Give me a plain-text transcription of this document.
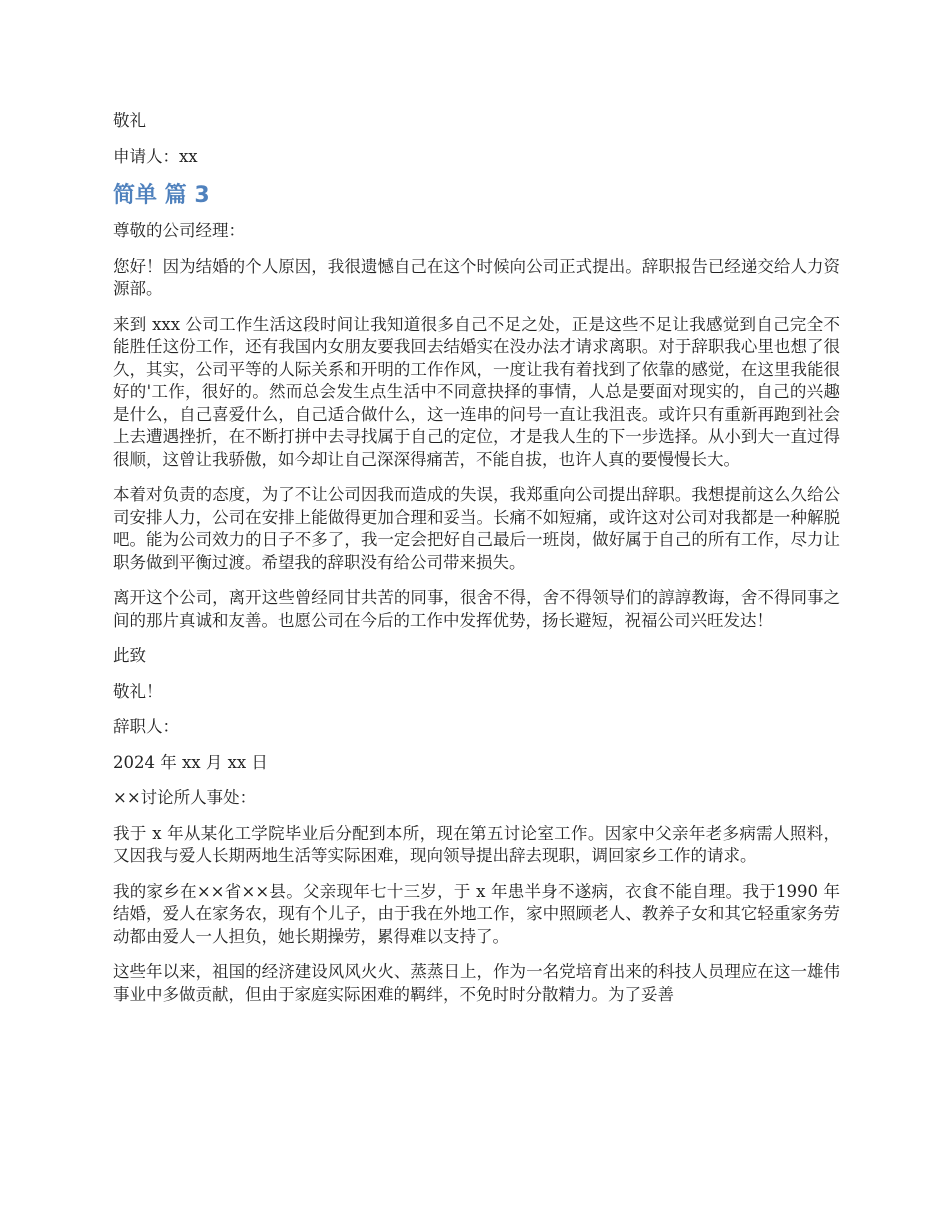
敬礼

申请人：xx

简单 篇 3

尊敬的公司经理：

您好！因为结婚的个人原因，我很遗憾自己在这个时候向公司正式提出。辞职报告已经递交给人力资源部。

来到 xxx 公司工作生活这段时间让我知道很多自己不足之处，正是这些不足让我感觉到自己完全不能胜任这份工作，还有我国内女朋友要我回去结婚实在没办法才请求离职。对于辞职我心里也想了很久，其实，公司平等的人际关系和开明的工作作风，一度让我有着找到了依靠的感觉，在这里我能很好的'工作，很好的。然而总会发生点生活中不同意抉择的事情，人总是要面对现实的，自己的兴趣是什么，自己喜爱什么，自己适合做什么，这一连串的问号一直让我沮丧。或许只有重新再跑到社会上去遭遇挫折，在不断打拼中去寻找属于自己的定位，才是我人生的下一步选择。从小到大一直过得很顺，这曾让我骄傲，如今却让自己深深得痛苦，不能自拔，也许人真的要慢慢长大。

本着对负责的态度，为了不让公司因我而造成的失误，我郑重向公司提出辞职。我想提前这么久给公司安排人力，公司在安排上能做得更加合理和妥当。长痛不如短痛，或许这对公司对我都是一种解脱吧。能为公司效力的日子不多了，我一定会把好自己最后一班岗，做好属于自己的所有工作，尽力让职务做到平衡过渡。希望我的辞职没有给公司带来损失。

离开这个公司，离开这些曾经同甘共苦的同事，很舍不得，舍不得领导们的諄諄教诲，舍不得同事之间的那片真诚和友善。也愿公司在今后的工作中发挥优势，扬长避短，祝福公司兴旺发达！

此致

敬礼！

辞职人：

2024 年 xx 月 xx 日

××讨论所人事处：

我于 x 年从某化工学院毕业后分配到本所，现在第五讨论室工作。因家中父亲年老多病需人照料，又因我与爱人长期两地生活等实际困难，现向领导提出辞去现职，调回家乡工作的请求。

我的家乡在××省××县。父亲现年七十三岁，于 x 年患半身不遂病，衣食不能自理。我于1990 年结婚，爱人在家务农，现有个儿子，由于我在外地工作，家中照顾老人、教养子女和其它轻重家务劳动都由爱人一人担负，她长期操劳，累得难以支持了。

这些年以来，祖国的经济建设风风火火、蒸蒸日上，作为一名党培育出来的科技人员理应在这一雄伟事业中多做贡献，但由于家庭实际困难的羁绊，不免时时分散精力。为了妥善
